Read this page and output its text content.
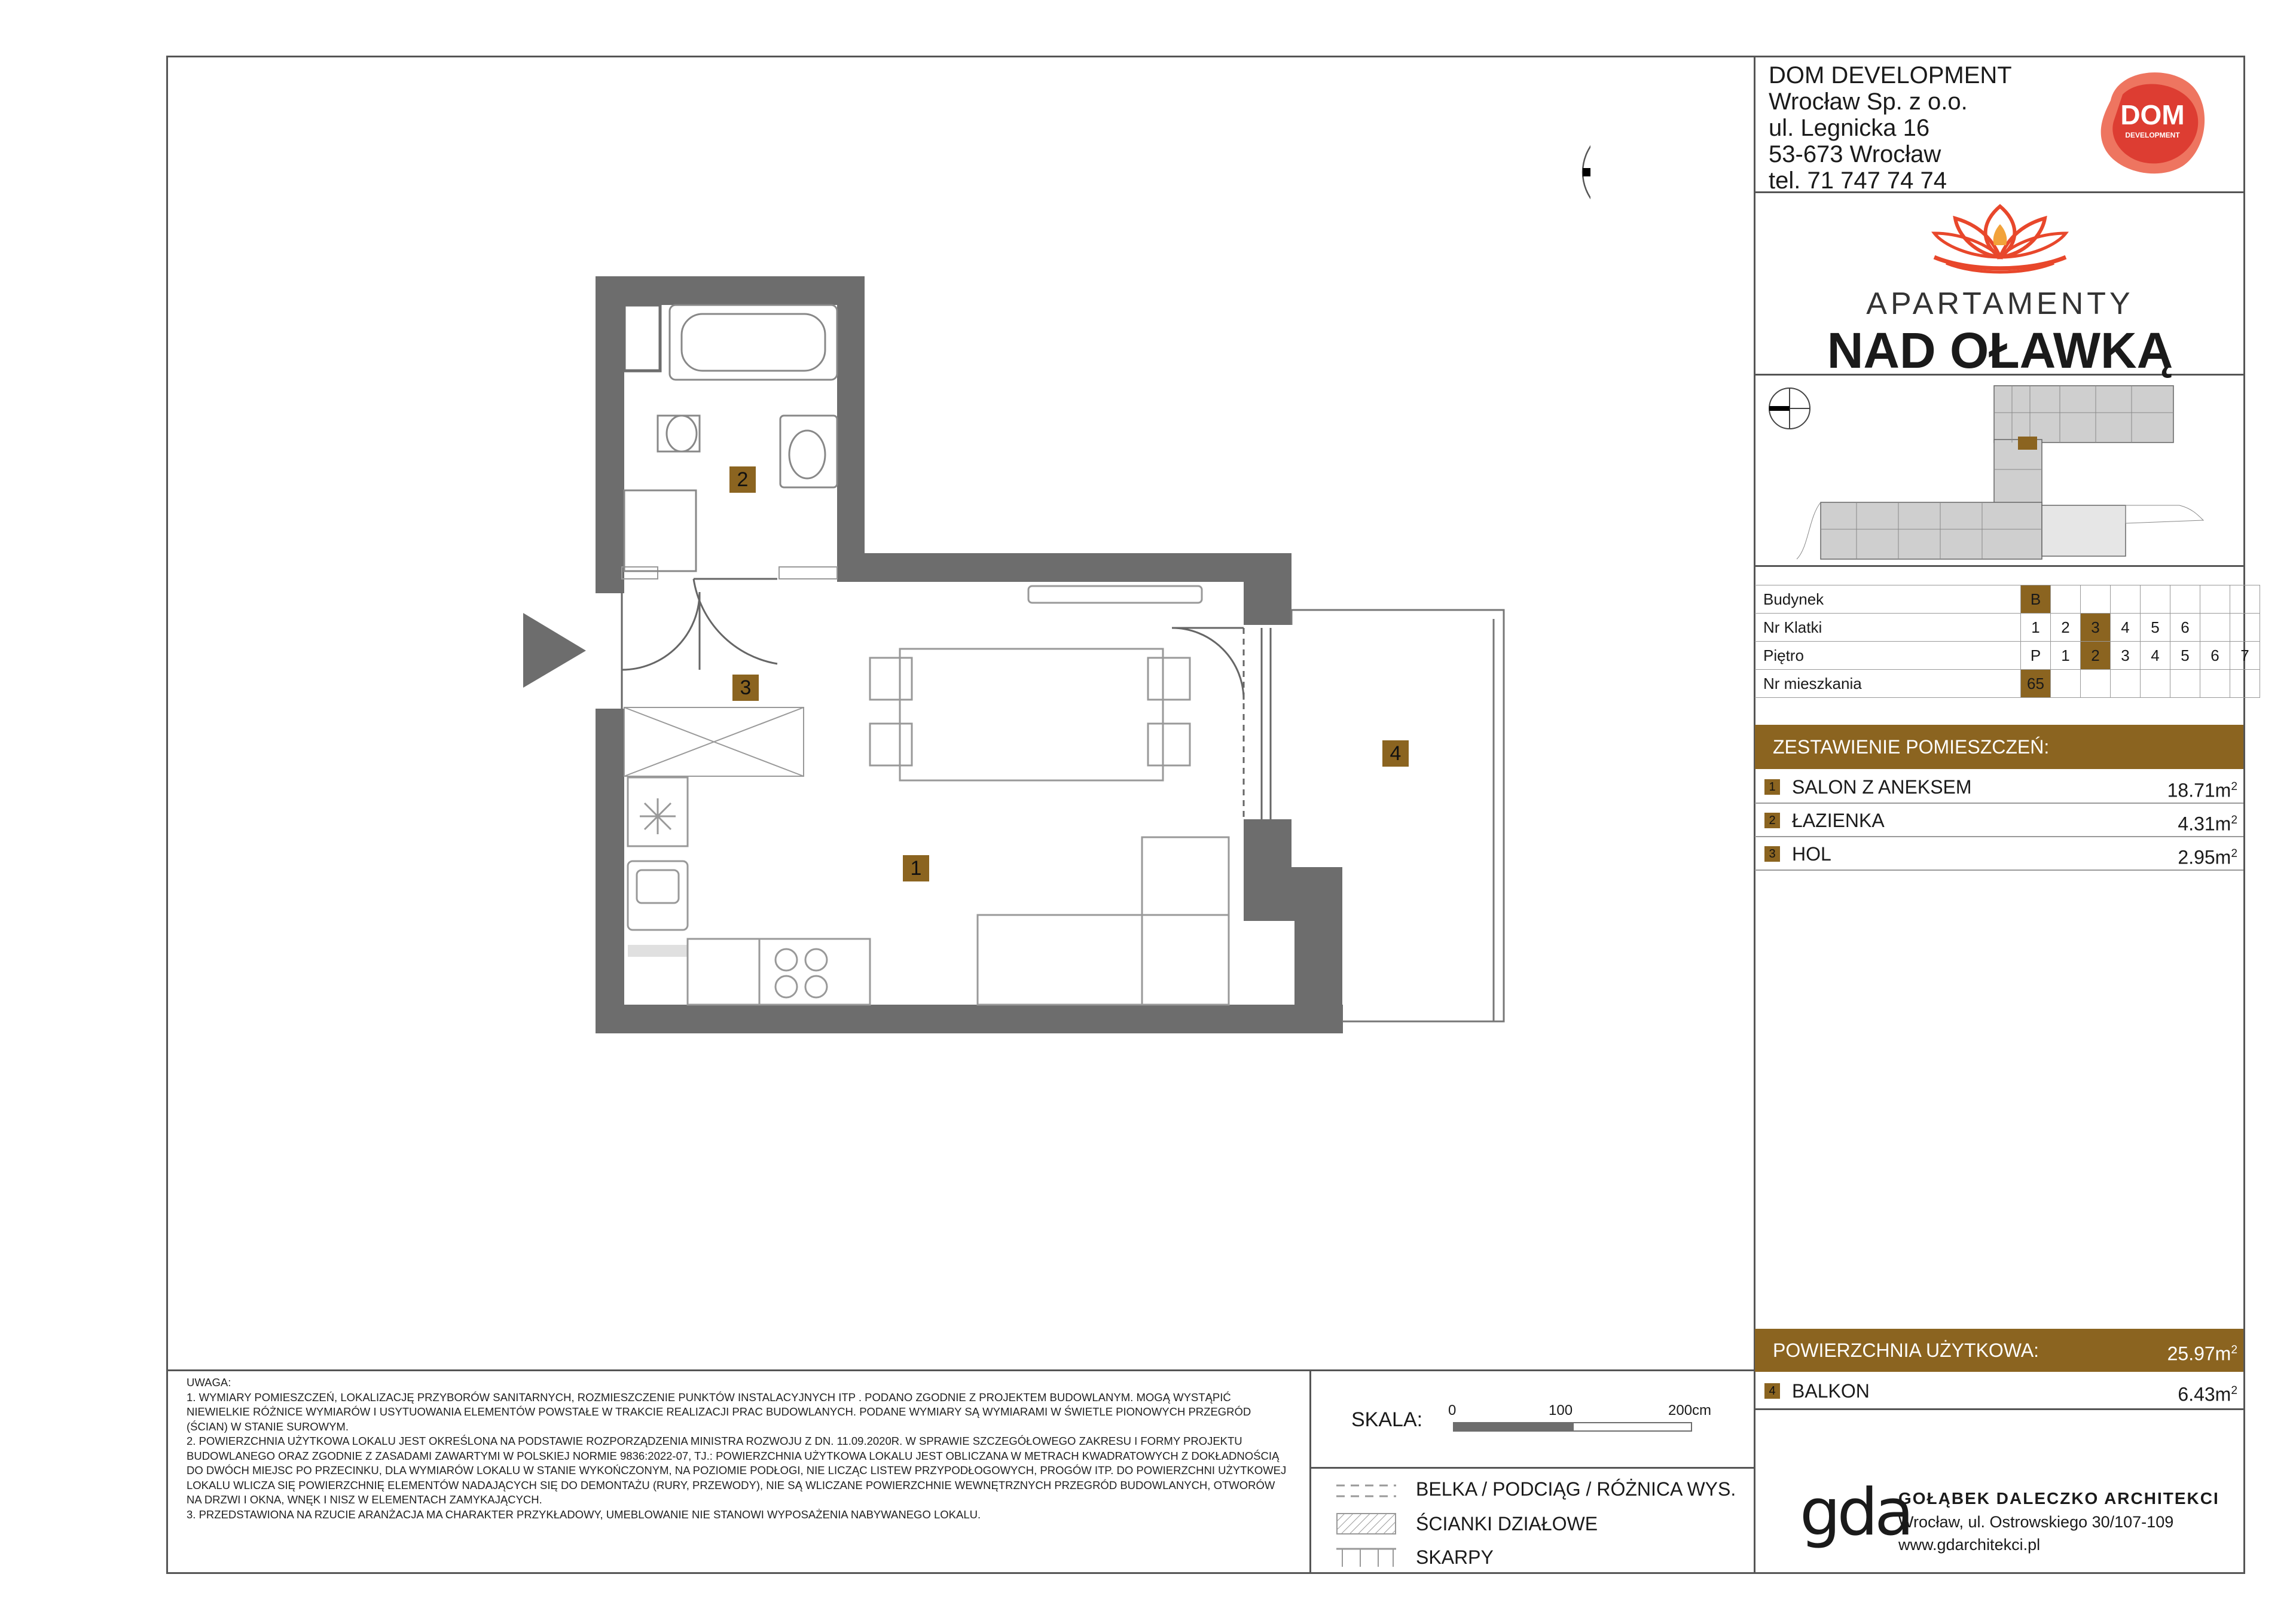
DOM DEVELOPMENT
Wrocław Sp. z o.o.
ul. Legnicka 16
53-673 Wrocław
tel. 71 747 74 74
DOM
DEVELOPMENT
APARTAMENTY
NAD OŁAWKĄ
Budynek	B							
Nr Klatki	1	2	3	4	5	6		
Piętro	P	1	2	3	4	5	6	7
Nr mieszkania	65							
ZESTAWIENIE POMIESZCZEŃ:
1 SALON Z ANEKSEM	$18.71m^2$
2 ŁAZIENKA	$4.31m^2$
3 HOL	$2.95m^2$
POWIERZCHNIA UŻYTKOWA:	$25.97m^2$
4 BALKON	$6.43m^2$

UWAGA:

1. WYMIARY POMIESZCZEŃ, LOKALIZACJĘ PRZYBORÓW SANITARNYCH, ROZMIESZCZENIE PUNKTÓW INSTALACYJNYCH ITP . PODANO ZGODNIE Z PROJEKTEM BUDOWLANYM. MOGĄ WYSTĄPIĆ NIEWIELKIE RÓŻNICE WYMIARÓW I USYTUOWANIA ELEMENTÓW POWSTAŁE W TRAKCIE REALIZACJI PRAC BUDOWLANYCH. PODANE WYMIARY SĄ WYMIARAMI W ŚWIETLE PIONOWYCH PRZEGRÓD (ŚCIAN) W STANIE SUROWYM.

2. POWIERZCHNIA UŻYTKOWA LOKALU JEST OKREŚLONA NA PODSTAWIE ROZPORZĄDZENIA MINISTRA ROZWOJU Z DN. 11.09.2020R. W SPRAWIE SZCZEGÓŁOWEGO ZAKRESU I FORMY PROJEKTU BUDOWLANEGO ORAZ ZGODNIE Z ZASADAMI ZAWARTYMI W POLSKIEJ NORMIE 9836:2022-07, TJ.: POWIERZCHNIA UŻYTKOWA LOKALU JEST OBLICZANA W METRACH KWADRATOWYCH Z DOKŁADNOŚCIĄ DO DWÓCH MIEJSC PO PRZECINKU, DLA WYMIARÓW LOKALU W STANIE WYKOŃCZONYM, NA POZIOMIE PODŁOGI, NIE LICZĄC LISTEW PRZYPODŁOGOWYCH, PROGÓW ITP. DO POWIERZCHNI UŻYTKOWEJ LOKALU WLICZA SIĘ POWIERZCHNIĘ ELEMENTÓW NADAJĄCYCH SIĘ DO DEMONTAŻU (RURY, PRZEWODY), NIE SĄ WLICZANE POWIERZCHNIE WEWNĘTRZNYCH PRZEGRÓD BUDOWLANYCH, OTWORÓW NA DRZWI I OKNA, WNĘK I NISZ W ELEMENTACH ZAMYKAJĄCYCH.

3. PRZEDSTAWIONA NA RZUCIE ARANŻACJA MA CHARAKTER PRZYKŁADOWY, UMEBLOWANIE NIE STANOWI WYPOSAŻENIA NABYWANEGO LOKALU.

SKALA: 0	100	200cm
BELKA / PODCIĄG / RÓŻNICA WYS.
ŚCIANKI DZIAŁOWE
SKARPY
gda
GOŁĄBEK DALECZKO ARCHITEKCI
Wrocław, ul. Ostrowskiego 30/107-109
www.gdarchitekci.pl
2
3
1
4
